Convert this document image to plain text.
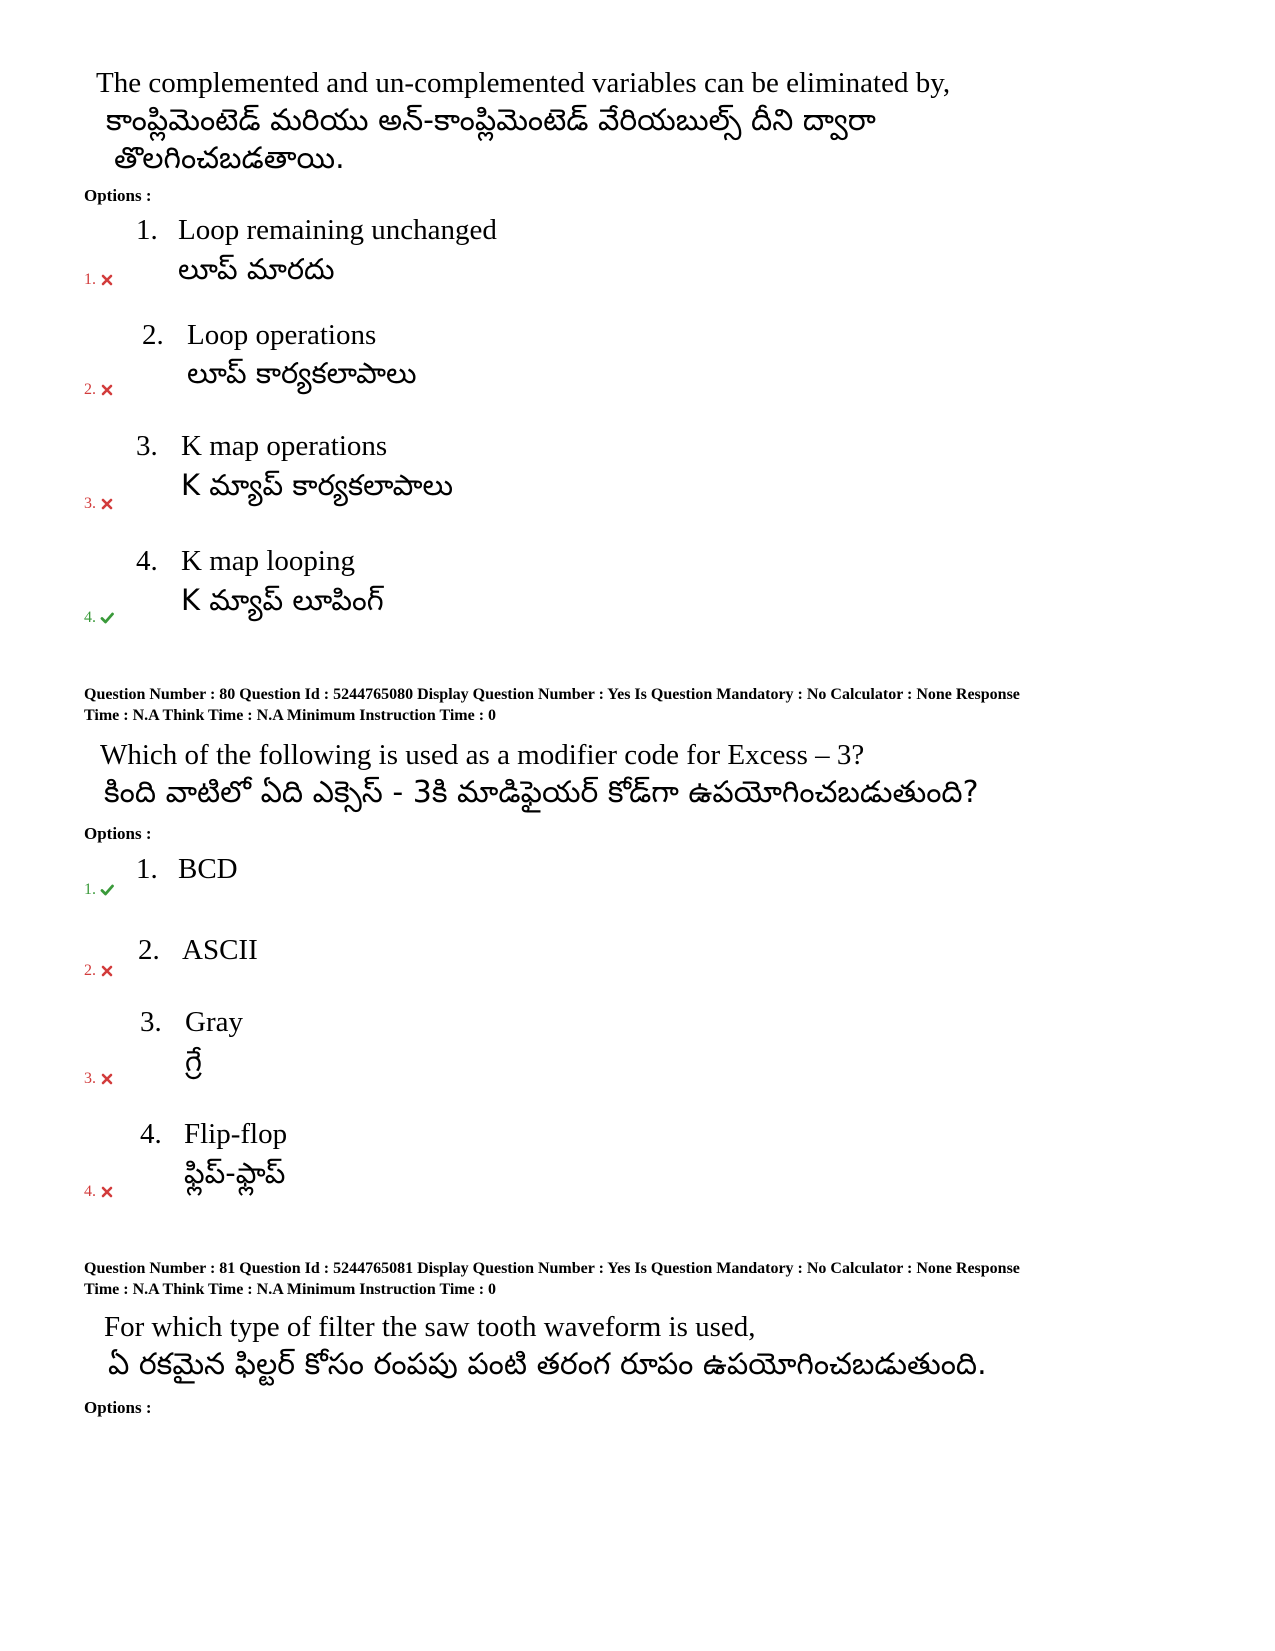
The complemented and un-complemented variables can be eliminated by,
కాంప్లిమెంటెడ్ మరియు అన్-కాంప్లిమెంటెడ్ వేరియబుల్స్ దీని ద్వారా
తొలగించబడతాయి.
Options :
1. Loop remaining unchanged
లూప్ మారదు
1.
2. Loop operations
లూప్ కార్యకలాపాలు
2.
3. K map operations
K మ్యాప్ కార్యకలాపాలు
3.
4. K map looping
K మ్యాప్ లూపింగ్
4.
Question Number : 80 Question Id : 5244765080 Display Question Number : Yes Is Question Mandatory : No Calculator : None Response
Time : N.A Think Time : N.A Minimum Instruction Time : 0
Which of the following is used as a modifier code for Excess – 3?
కింది వాటిలో ఏది ఎక్సెస్ - 3కి మాడిఫైయర్ కోడ్‌గా ఉపయోగించబడుతుంది?
Options :
1. BCD
1.
2. ASCII
2.
3. Gray
గ్రే
3.
4. Flip-flop
ఫ్లిప్-ఫ్లాప్
4.
Question Number : 81 Question Id : 5244765081 Display Question Number : Yes Is Question Mandatory : No Calculator : None Response
Time : N.A Think Time : N.A Minimum Instruction Time : 0
For which type of filter the saw tooth waveform is used,
ఏ రకమైన ఫిల్టర్ కోసం రంపపు పంటి తరంగ రూపం ఉపయోగించబడుతుంది.
Options :
